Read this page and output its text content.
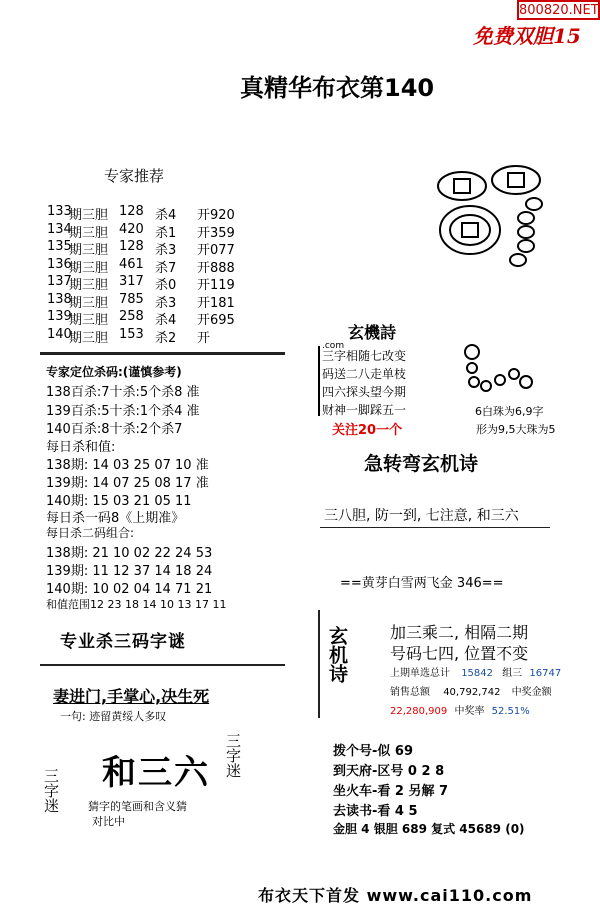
800820.NET
免费双胆15
真精华布衣第140
专家推荐
133
期三胆 128 杀4 开920
134
期三胆 420 杀1 开359
135
期三胆 128 杀3 开077
136
期三胆 461 杀7 开888
137
期三胆 317 杀0 开119
138
期三胆 785 杀3 开181
139
期三胆 258 杀4 开695
140
期三胆 153 杀2 开
专家定位杀码:(谨慎参考)
138百杀:7十杀:5个杀8 准
139百杀:5十杀:1个杀4 准
140百杀:8十杀:2个杀7
每日杀和值:
138期: 14 03 25 07 10 准
139期: 14 07 25 08 17 准
140期: 15 03 21 05 11
每日杀一码8《上期准》
每日杀二码组合:
138期: 21 10 02 22 24 53
139期: 11 12 37 14 18 24
140期: 10 02 04 14 71 21
和值范围12 23 18 14 10 13 17 11
专业杀三码字谜
妻进门,手掌心,决生死
一句: 迹留黄绥人多叹
和三六
三字迷
三字迷
猜字的笔画和含义猜
对比中
玄機詩
.com
三字相随七改变
码送二八走单枝
四六探头望今期
财神一脚踩五一
关注20一个
6白珠为6,9字
形为9,5大珠为5
急转弯玄机诗
三八胆, 防一到, 七注意, 和三六
==黄芽白雪两飞金 346==
玄机诗	加三乘二, 相隔二期
号码七四, 位置不变
上期单选总计 15842 组三 16747
销售总额 40,792,742 中奖金额
22,280,909 中奖率 52.51%
拨个号-似 69
到天府-区号 0 2 8
坐火车-看 2 另解 7
去读书-看 4 5
金胆 4 银胆 689 复式 45689 (0)
布衣天下首发 www.cai110.com
